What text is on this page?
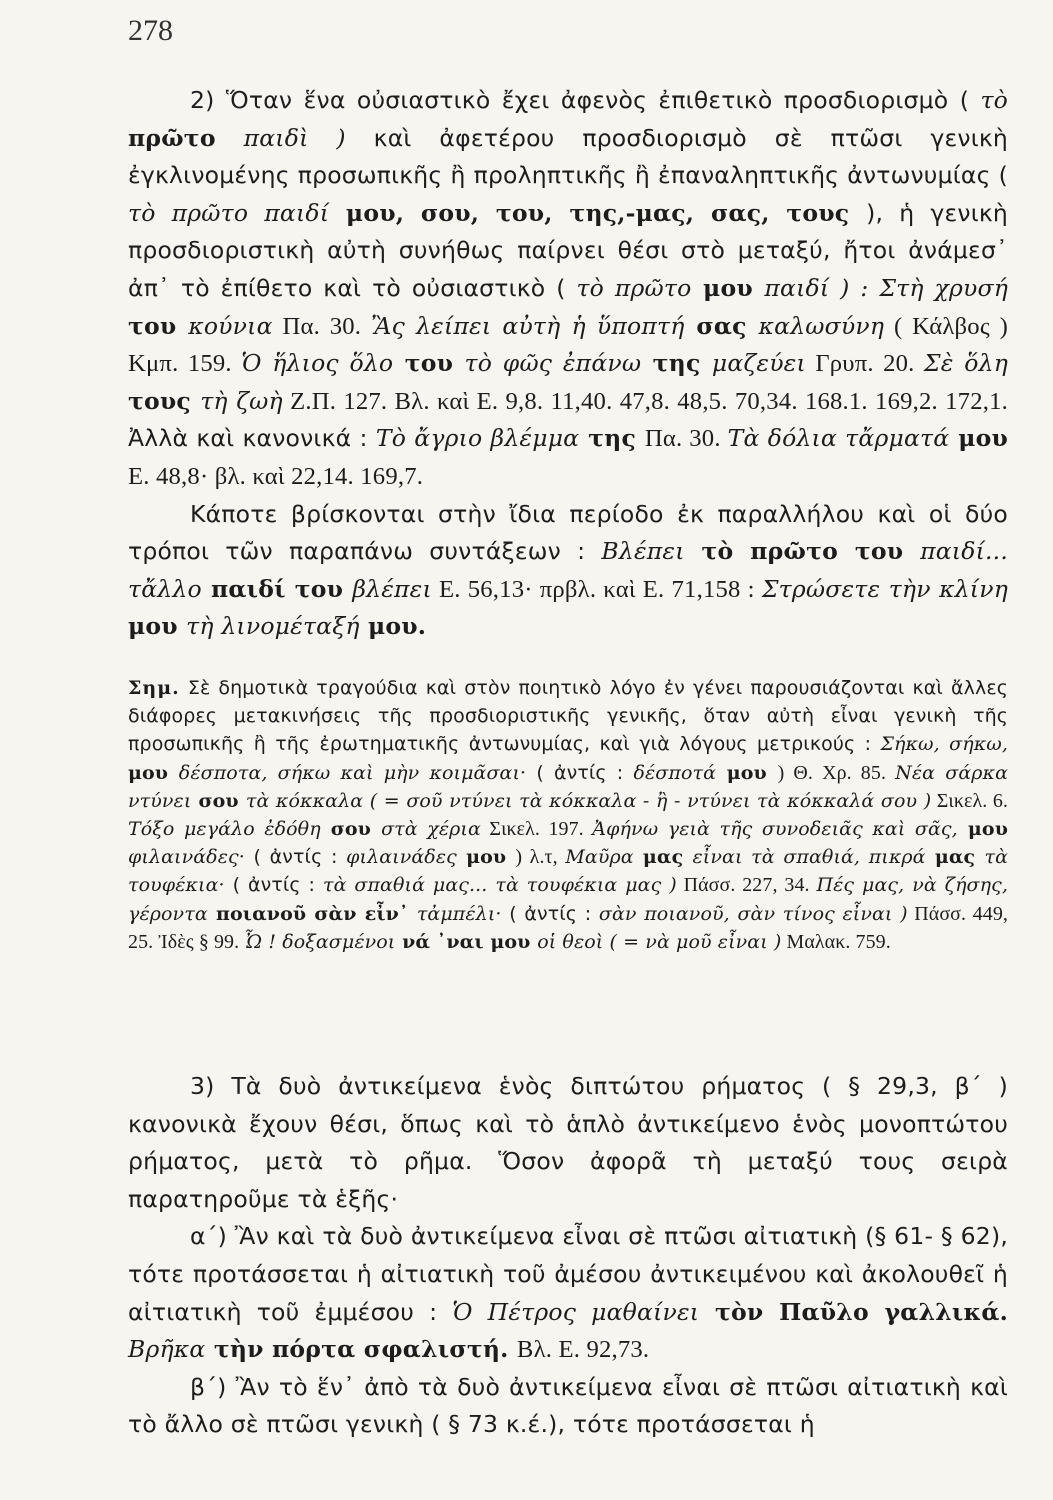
278

2) Ὅταν ἕνα οὐσιαστικὸ ἔχει ἀφενὸς ἐπιθετικὸ προσδιορισμὸ ( τὸ πρῶτο παιδὶ ) καὶ ἀφετέρου προσδιορισμὸ σὲ πτῶσι γενικὴ ἐγκλινομένης προσωπικῆς ἢ προληπτικῆς ἢ ἐπαναληπτικῆς ἀντωνυμίας ( τὸ πρῶτο παιδί μου, σου, του, της,-μας, σας, τους ), ἡ γενικὴ προσδιοριστικὴ αὐτὴ συνήθως παίρνει θέσι στὸ μεταξύ, ἤτοι ἀνάμεσ᾽ ἀπ᾽ τὸ ἐπίθετο καὶ τὸ οὐσιαστικὸ ( τὸ πρῶτο μου παιδί ) : Στὴ χρυσή του κούνια Πα. 30. Ἂς λείπει αὐτὴ ἡ ὕποπτή σας καλωσύνη ( Κάλβος ) Κμπ. 159. Ὁ ἥλιος ὅλο του τὸ φῶς ἐπάνω της μαζεύει Γρυπ. 20. Σὲ ὅλη τους τὴ ζωὴ Ζ.Π. 127. Βλ. καὶ Ε. 9,8. 11,40. 47,8. 48,5. 70,34. 168.1. 169,2. 172,1. Ἀλλὰ καὶ κανονικά : Τὸ ἄγριο βλέμμα της Πα. 30. Τὰ δόλια τἄρματά μου Ε. 48,8· βλ. καὶ 22,14. 169,7.

Κάποτε βρίσκονται στὴν ἴδια περίοδο ἐκ παραλλήλου καὶ οἱ δύο τρόποι τῶν παραπάνω συντάξεων : Βλέπει τὸ πρῶτο του παιδί... τἄλλο παιδί του βλέπει Ε. 56,13· πρβλ. καὶ Ε. 71,158 : Στρώσετε τὴν κλίνη μου τὴ λινομέταξή μου.

Σημ. Σὲ δημοτικὰ τραγούδια καὶ στὸν ποιητικὸ λόγο ἐν γένει παρουσιάζονται καὶ ἄλλες διάφορες μετακινήσεις τῆς προσδιοριστικῆς γενικῆς, ὅταν αὐτὴ εἶναι γενικὴ τῆς προσωπικῆς ἢ τῆς ἐρωτηματικῆς ἀντωνυμίας, καὶ γιὰ λόγους μετρικούς : Σήκω, σήκω, μου δέσποτα, σήκω καὶ μὴν κοιμᾶσαι· ( ἀντίς : δέσποτά μου ) Θ. Χρ. 85. Νέα σάρκα ντύνει σου τὰ κόκκαλα ( = σοῦ ντύνει τὰ κόκκαλα - ἢ - ντύνει τὰ κόκκαλά σου ) Σικελ. 6. Τόξο μεγάλο ἐδόθη σου στὰ χέρια Σικελ. 197. Ἀφήνω γειὰ τῆς συνοδειᾶς καὶ σᾶς, μου φιλαινάδες· ( ἀντίς : φιλαινάδες μου ) λ.τ, Μαῦρα μας εἶναι τὰ σπαθιά, πικρά μας τὰ τουφέκια· ( ἀντίς : τὰ σπαθιά μας... τὰ τουφέκια μας ) Πάσσ. 227, 34. Πές μας, νὰ ζήσης, γέροντα ποιανοῦ σὰν εἶν᾽ τἀμπέλι· ( ἀντίς : σὰν ποιανοῦ, σὰν τίνος εἶναι ) Πάσσ. 449, 25. Ἰδὲς § 99. Ὦ ! δοξασμένοι νά ᾽ναι μου οἱ θεοὶ ( = νὰ μοῦ εἶναι ) Μαλακ. 759.

3) Τὰ δυὸ ἀντικείμενα ἑνὸς διπτώτου ρήματος ( § 29,3, β´ ) κανονικὰ ἔχουν θέσι, ὅπως καὶ τὸ ἁπλὸ ἀντικείμενο ἑνὸς μονοπτώτου ρήματος, μετὰ τὸ ρῆμα. Ὅσον ἀφορᾶ τὴ μεταξύ τους σειρὰ παρατηροῦμε τὰ ἑξῆς·

α´) Ἂν καὶ τὰ δυὸ ἀντικείμενα εἶναι σὲ πτῶσι αἰτιατικὴ (§ 61- § 62), τότε προτάσσεται ἡ αἰτιατικὴ τοῦ ἀμέσου ἀντικειμένου καὶ ἀκολουθεῖ ἡ αἰτιατικὴ τοῦ ἐμμέσου : Ὁ Πέτρος μαθαίνει τὸν Παῦλο γαλλικά. Βρῆκα τὴν πόρτα σφαλιστή. Βλ. Ε. 92,73.

β´) Ἂν τὸ ἕν᾽ ἀπὸ τὰ δυὸ ἀντικείμενα εἶναι σὲ πτῶσι αἰτιατικὴ καὶ τὸ ἄλλο σὲ πτῶσι γενικὴ ( § 73 κ.έ.), τότε προτάσσεται ἡ
